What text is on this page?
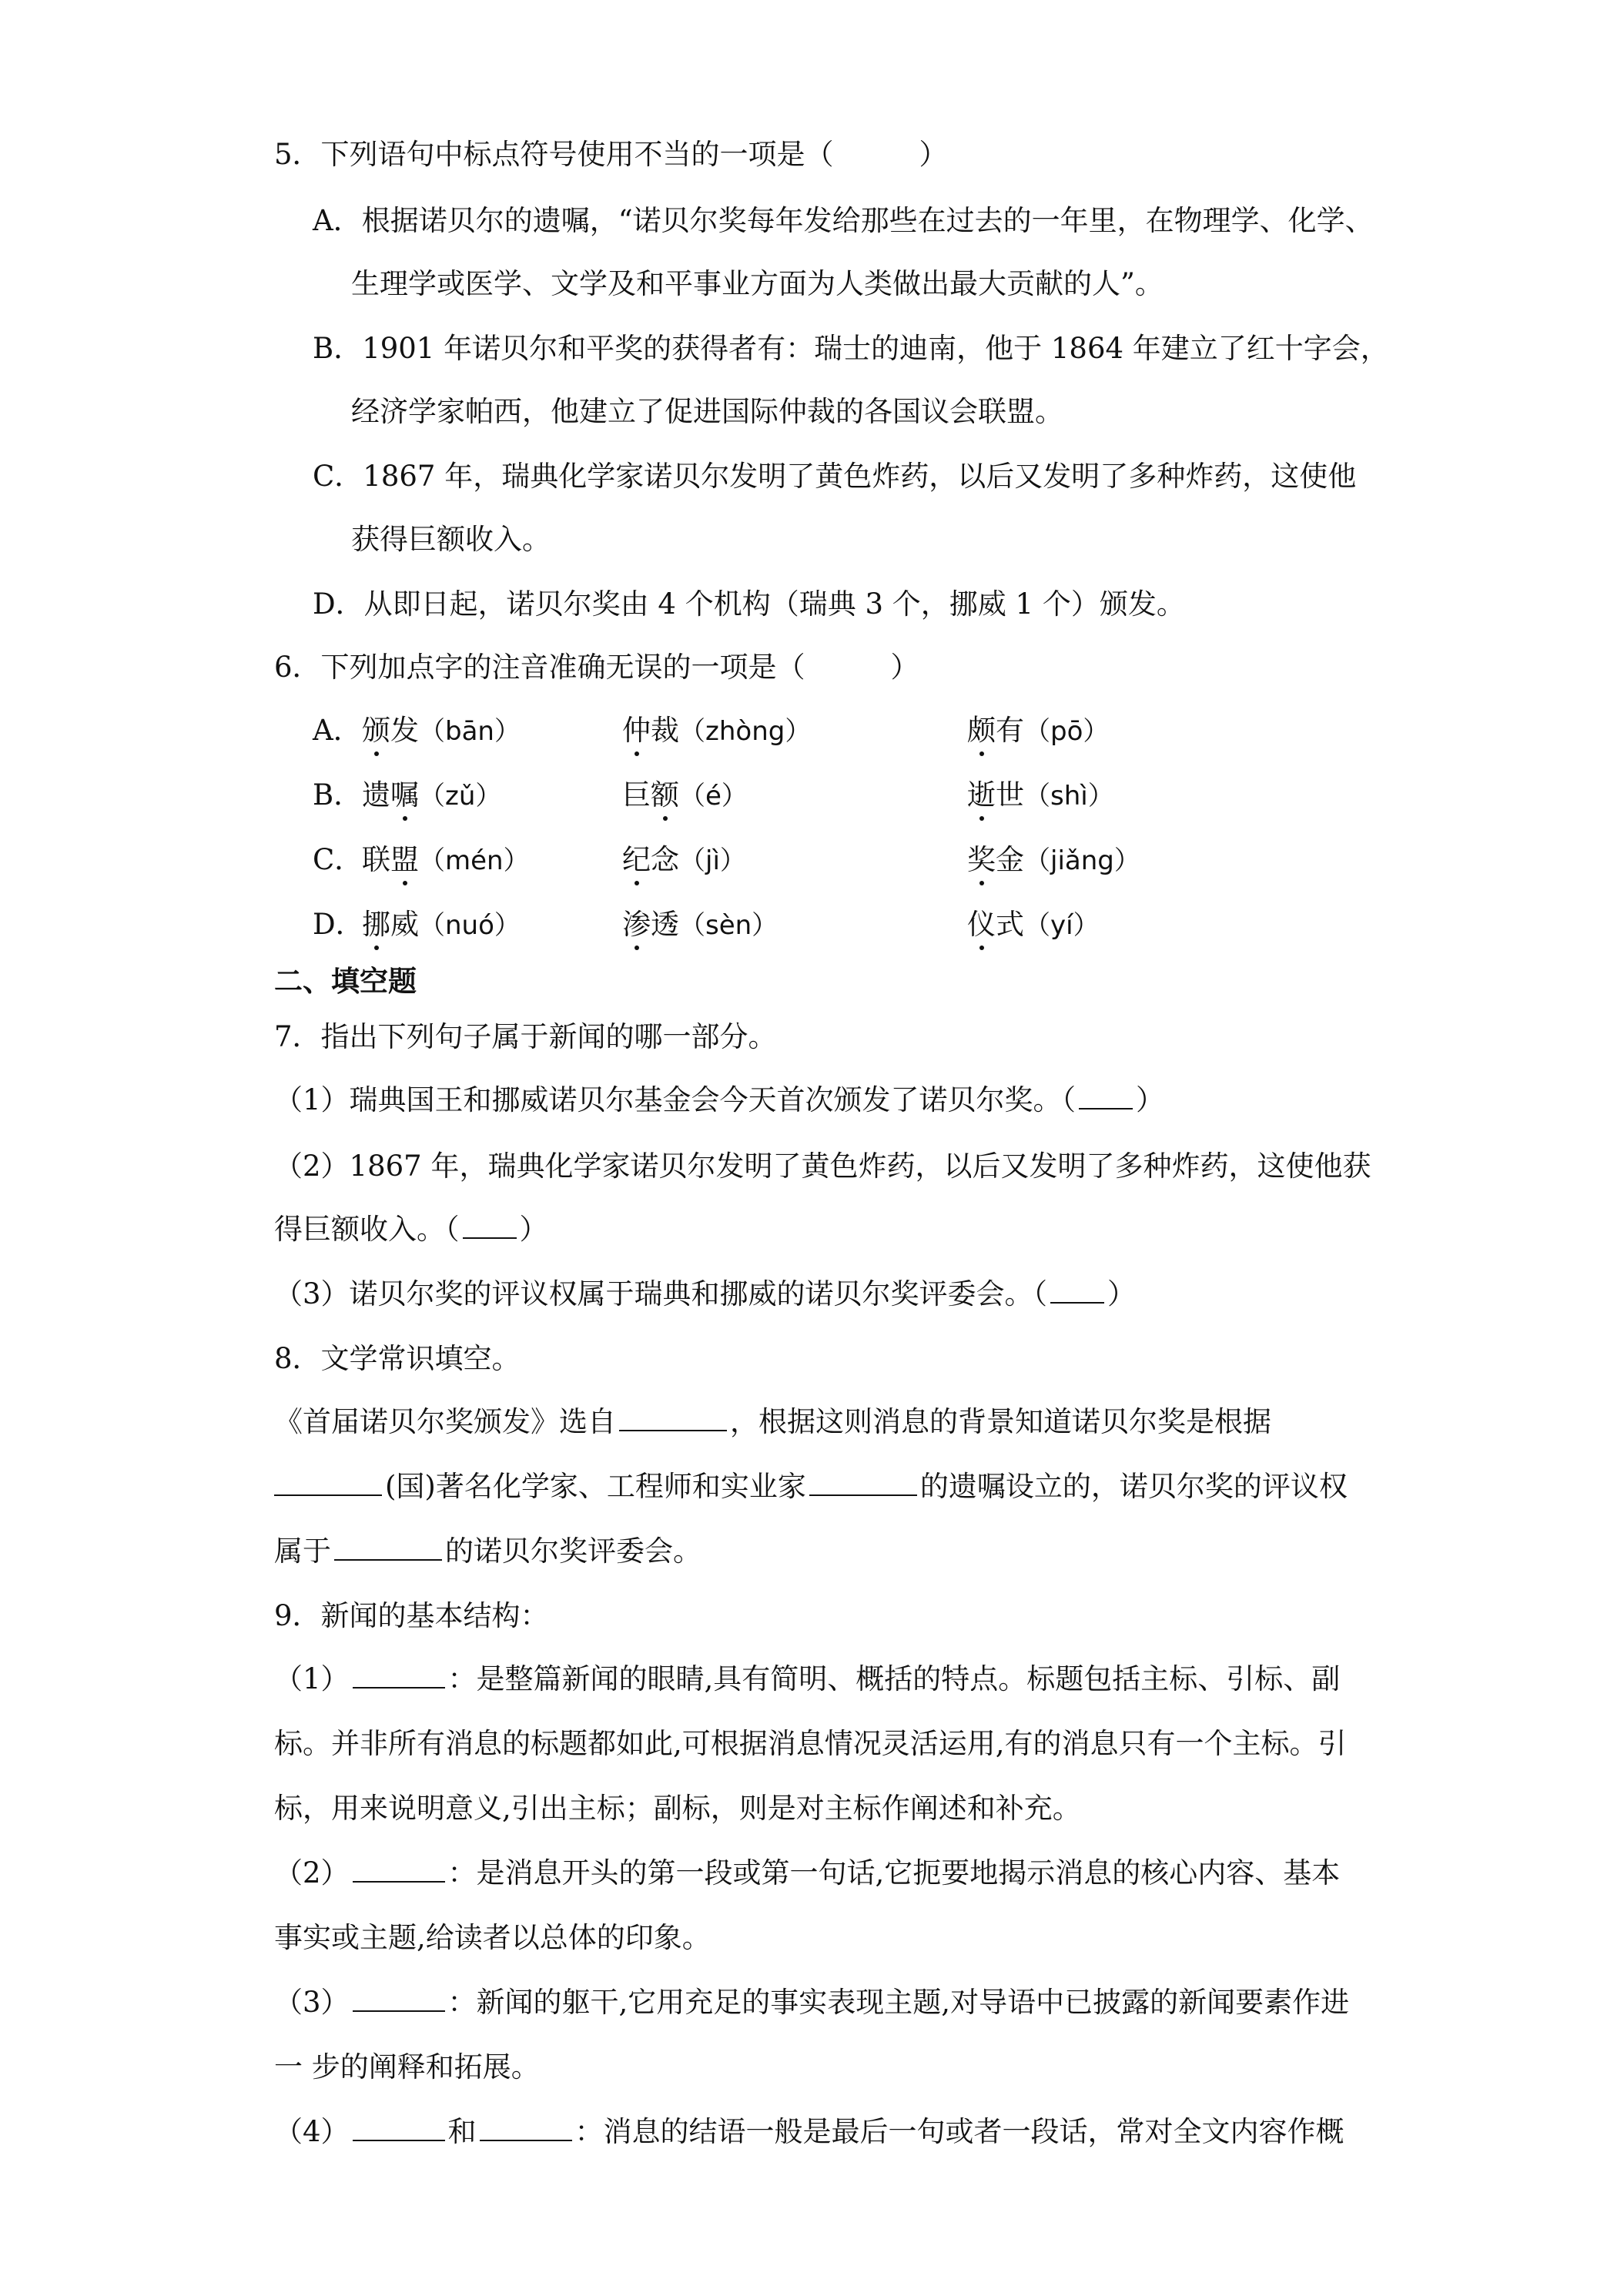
5．下列语句中标点符号使用不当的一项是（　　　）
A．根据诺贝尔的遗嘱，“诺贝尔奖每年发给那些在过去的一年里，在物理学、化学、
生理学或医学、文学及和平事业方面为人类做出最大贡献的人”。
B．1901 年诺贝尔和平奖的获得者有：瑞士的迪南，他于 1864 年建立了红十字会，
经济学家帕西，他建立了促进国际仲裁的各国议会联盟。
C．1867 年，瑞典化学家诺贝尔发明了黄色炸药，以后又发明了多种炸药，这使他
获得巨额收入。
D．从即日起，诺贝尔奖由 4 个机构（瑞典 3 个，挪威 1 个）颁发。
6．下列加点字的注音准确无误的一项是（　　　）
A． 颁发（bān）	仲裁（zhòng）	颇有（pō）
B． 遗嘱（zǔ）	巨额（é）	逝世（shì）
C．
联盟（mén）	纪念（jì）	奖金（jiǎng）
D．
挪威（nuó）	渗透（sèn）	仪式（yí）
二、填空题
7．指出下列句子属于新闻的哪一部分。
（1）瑞典国王和挪威诺贝尔基金会今天首次颁发了诺贝尔奖。（ ）
（2）1867 年，瑞典化学家诺贝尔发明了黄色炸药，以后又发明了多种炸药，这使他获
得巨额收入。（ ）
（3）诺贝尔奖的评议权属于瑞典和挪威的诺贝尔奖评委会。（ ）
8．文学常识填空。
《首届诺贝尔奖颁发》选自	，根据这则消息的背景知道诺贝尔奖是根据
(国)著名化学家、工程师和实业家	的遗嘱设立的，诺贝尔奖的评议权
属于	的诺贝尔奖评委会。
9．新闻的基本结构：
（1）	：是整篇新闻的眼睛,具有简明、概括的特点。标题包括主标、引标、副
标。并非所有消息的标题都如此,可根据消息情况灵活运用,有的消息只有一个主标。引
标，用来说明意义,引出主标；副标，则是对主标作阐述和补充。
（2）	：是消息开头的第一段或第一句话,它扼要地揭示消息的核心内容、基本
事实或主题,给读者以总体的印象。
（3）	：新闻的躯干,它用充足的事实表现主题,对导语中已披露的新闻要素作进
一 步的阐释和拓展。
（4）	和	：消息的结语一般是最后一句或者一段话，常对全文内容作概
